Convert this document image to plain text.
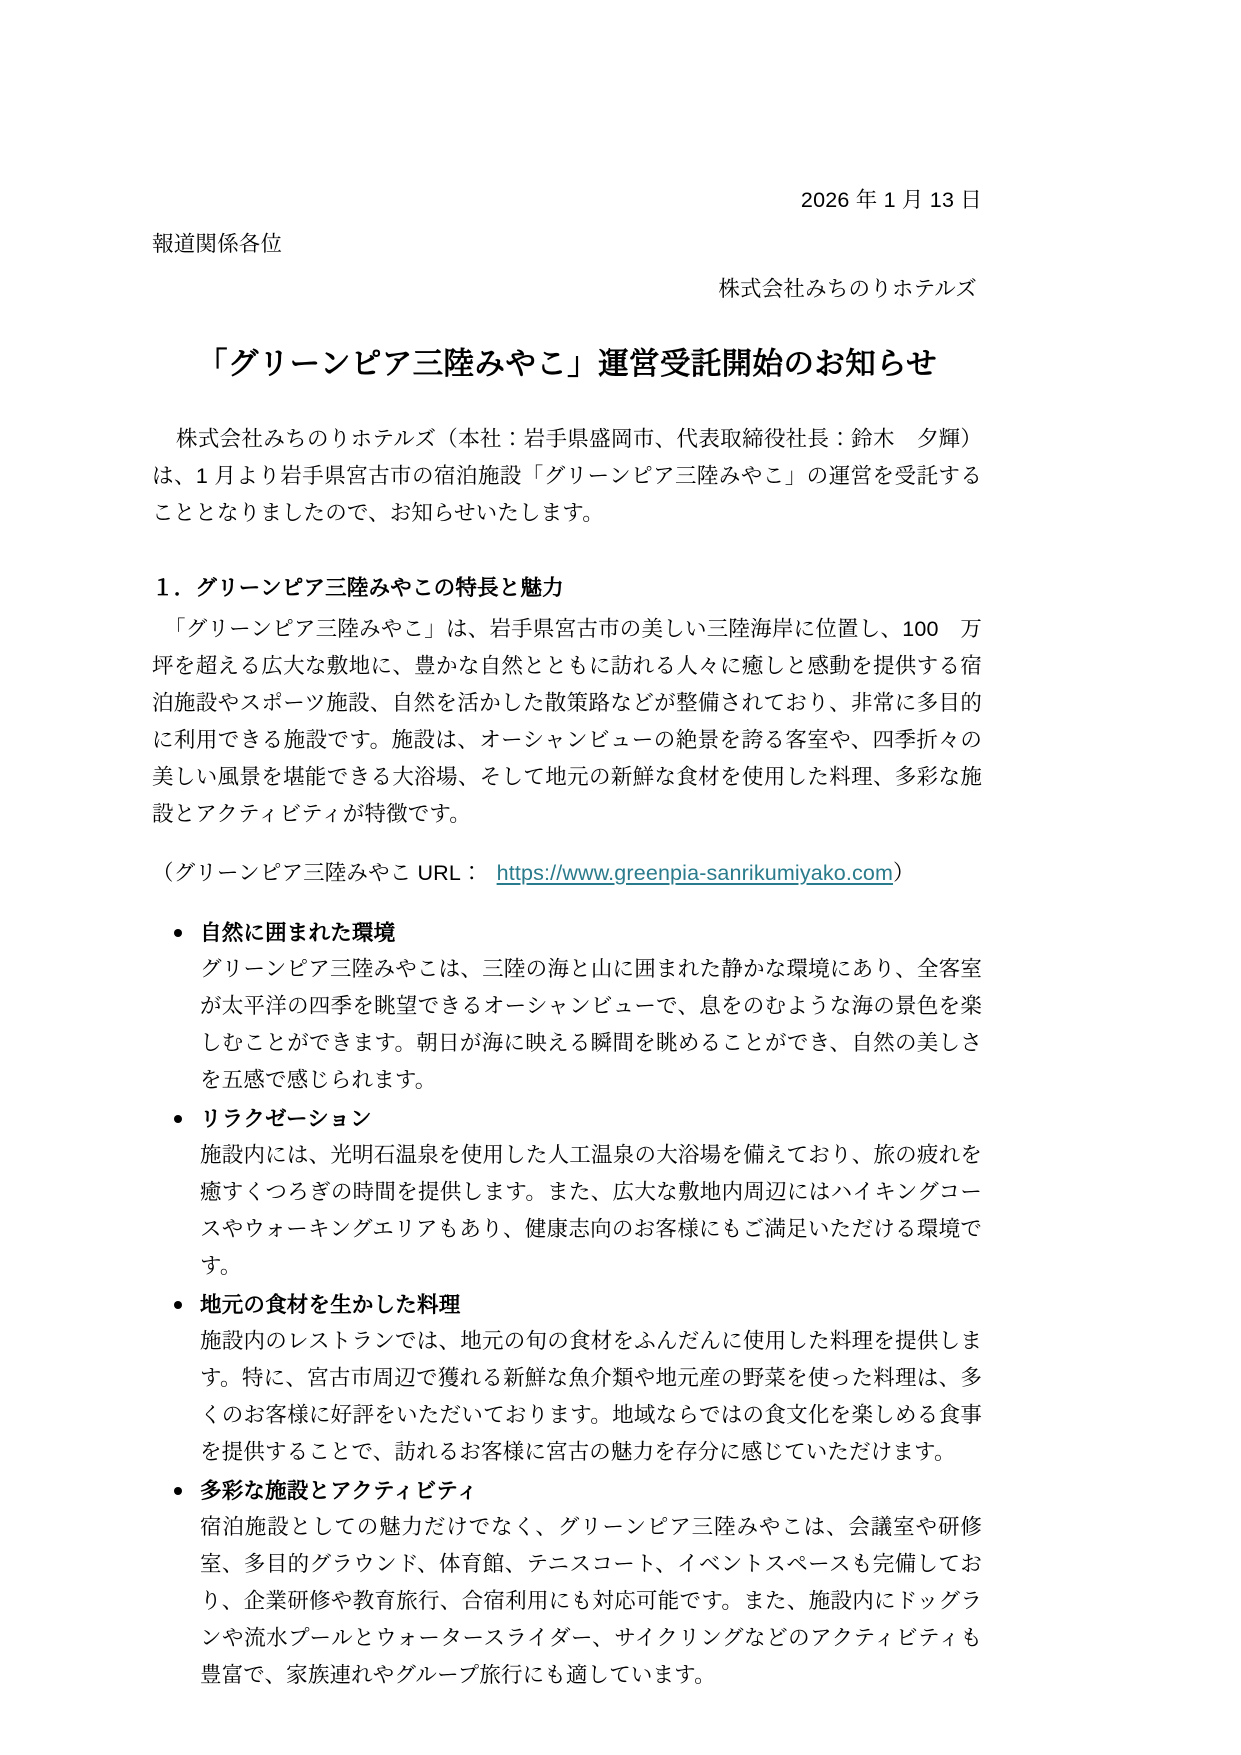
2026 年 1 月 13 日
報道関係各位
株式会社みちのりホテルズ
「グリーンピア三陸みやこ」運営受託開始のお知らせ

株式会社みちのりホテルズ（本社：岩手県盛岡市、代表取締役社長：鈴木　夕輝）は、1 月より岩手県宮古市の宿泊施設「グリーンピア三陸みやこ」の運営を受託することとなりましたので、お知らせいたします。

１．グリーンピア三陸みやこの特長と魅力

「グリーンピア三陸みやこ」は、岩手県宮古市の美しい三陸海岸に位置し、100　万坪を超える広大な敷地に、豊かな自然とともに訪れる人々に癒しと感動を提供する宿泊施設やスポーツ施設、自然を活かした散策路などが整備されており、非常に多目的に利用できる施設です。施設は、オーシャンビューの絶景を誇る客室や、四季折々の美しい風景を堪能できる大浴場、そして地元の新鮮な食材を使用した料理、多彩な施設とアクティビティが特徴です。

（グリーンピア三陸みやこ URL： https://www.greenpia-sanrikumiyako.com）
自然に囲まれた環境
グリーンピア三陸みやこは、三陸の海と山に囲まれた静かな環境にあり、全客室が太平洋の四季を眺望できるオーシャンビューで、息をのむような海の景色を楽しむことができます。朝日が海に映える瞬間を眺めることができ、自然の美しさを五感で感じられます。
リラクゼーション
施設内には、光明石温泉を使用した人工温泉の大浴場を備えており、旅の疲れを癒すくつろぎの時間を提供します。また、広大な敷地内周辺にはハイキングコースやウォーキングエリアもあり、健康志向のお客様にもご満足いただける環境です。
地元の食材を生かした料理
施設内のレストランでは、地元の旬の食材をふんだんに使用した料理を提供します。特に、宮古市周辺で獲れる新鮮な魚介類や地元産の野菜を使った料理は、多くのお客様に好評をいただいております。地域ならではの食文化を楽しめる食事を提供することで、訪れるお客様に宮古の魅力を存分に感じていただけます。
多彩な施設とアクティビティ
宿泊施設としての魅力だけでなく、グリーンピア三陸みやこは、会議室や研修室、多目的グラウンド、体育館、テニスコート、イベントスペースも完備しており、企業研修や教育旅行、合宿利用にも対応可能です。また、施設内にドッグランや流水プールとウォータースライダー、サイクリングなどのアクティビティも豊富で、家族連れやグループ旅行にも適しています。
